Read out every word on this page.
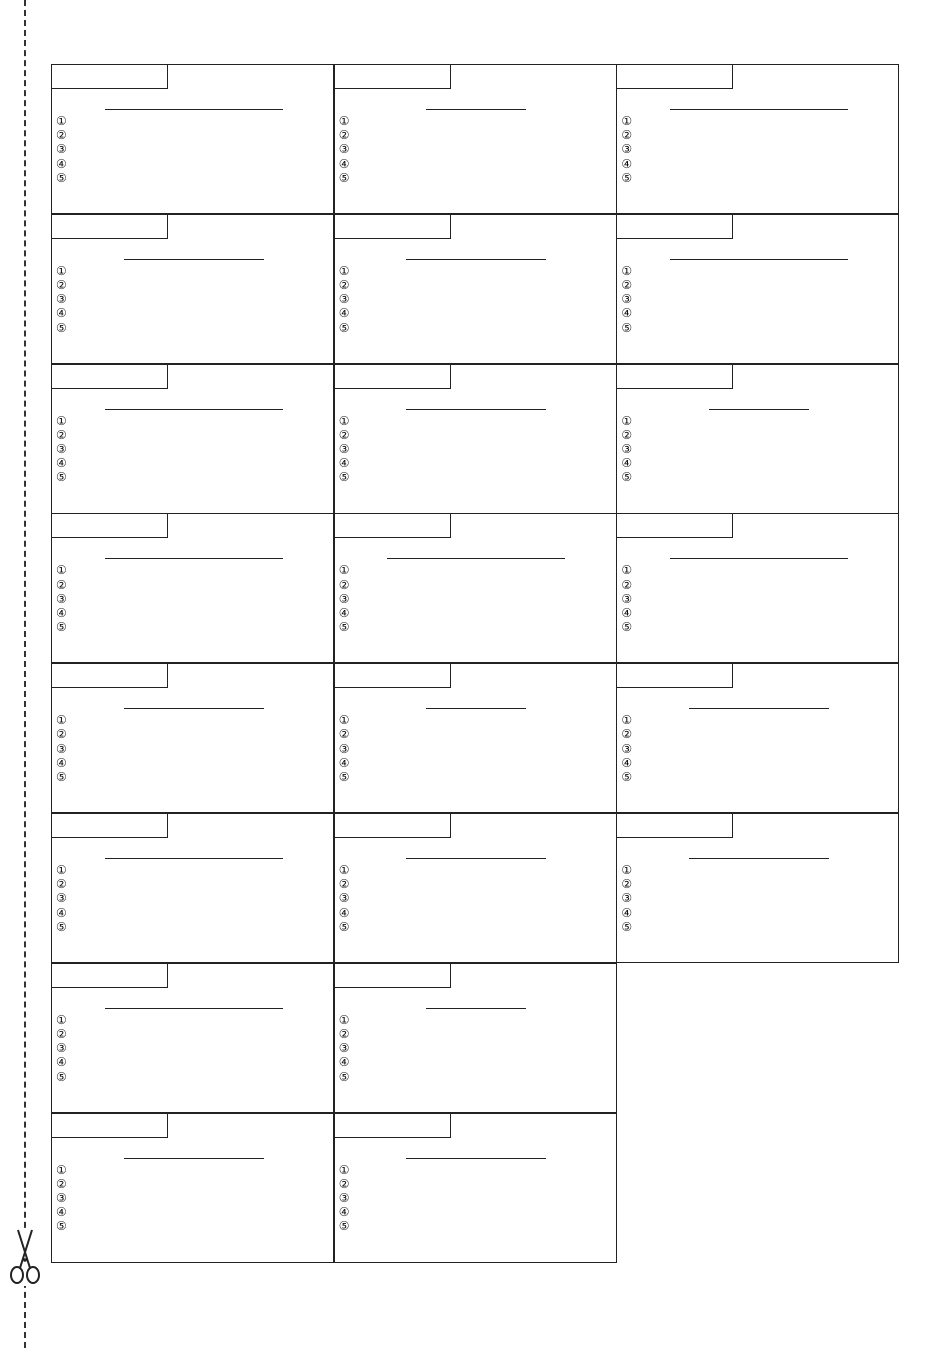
①
②
③
④
⑤
①
②
③
④
⑤
①
②
③
④
⑤
①
②
③
④
⑤
①
②
③
④
⑤
①
②
③
④
⑤
①
②
③
④
⑤
①
②
③
④
⑤
①
②
③
④
⑤
①
②
③
④
⑤
①
②
③
④
⑤
①
②
③
④
⑤
①
②
③
④
⑤
①
②
③
④
⑤
①
②
③
④
⑤
①
②
③
④
⑤
①
②
③
④
⑤
①
②
③
④
⑤
①
②
③
④
⑤
①
②
③
④
⑤
①
②
③
④
⑤
①
②
③
④
⑤
